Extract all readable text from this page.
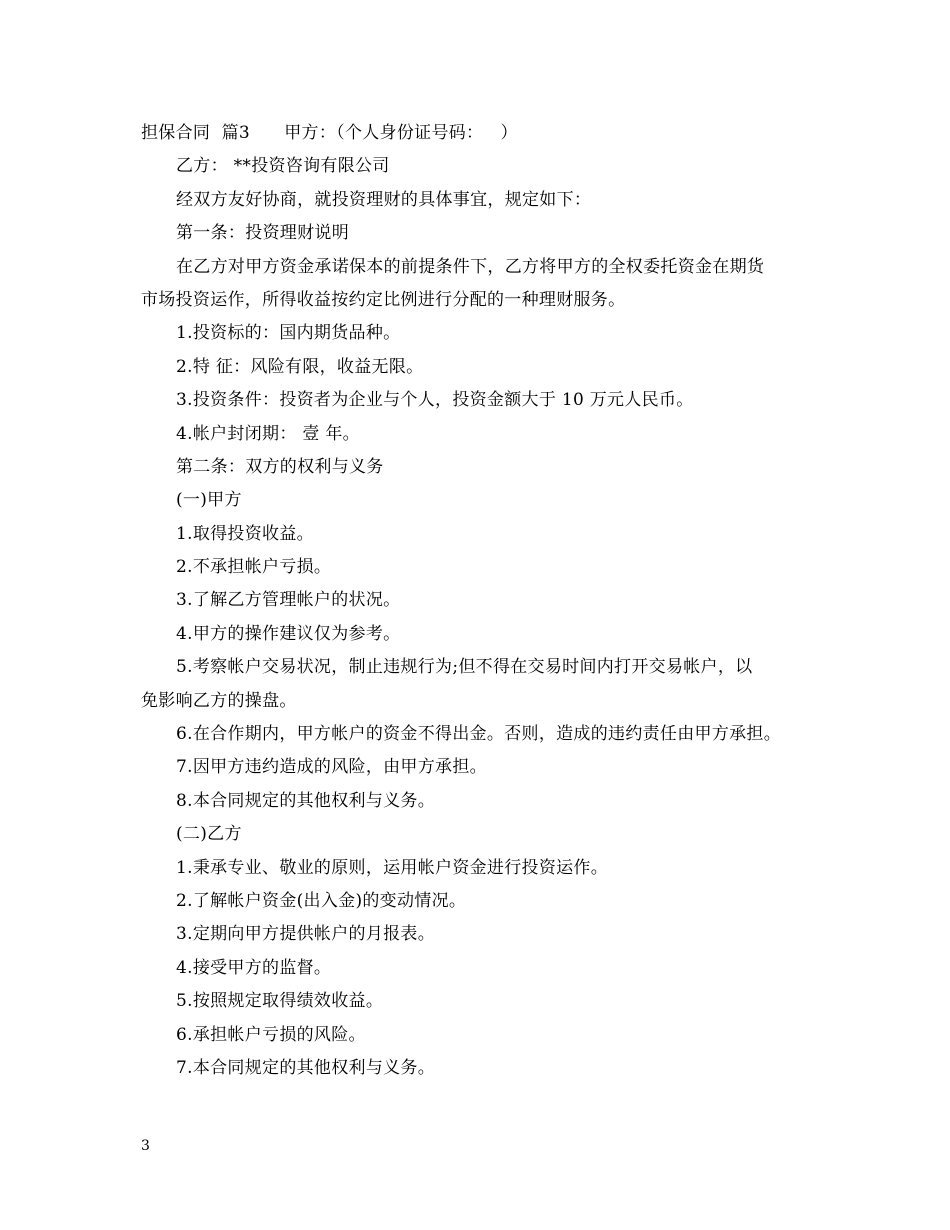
担保合同  篇3      甲方：（个人身份证号码：   ）
乙方： **投资咨询有限公司
经双方友好协商，就投资理财的具体事宜，规定如下：
第一条：投资理财说明
在乙方对甲方资金承诺保本的前提条件下，乙方将甲方的全权委托资金在期货
市场投资运作，所得收益按约定比例进行分配的一种理财服务。
1.投资标的：国内期货品种。
2.特 征：风险有限，收益无限。
3.投资条件：投资者为企业与个人，投资金额大于 10 万元人民币。
4.帐户封闭期： 壹 年。
第二条：双方的权利与义务
(一)甲方
1.取得投资收益。
2.不承担帐户亏损。
3.了解乙方管理帐户的状况。
4.甲方的操作建议仅为参考。
5.考察帐户交易状况，制止违规行为;但不得在交易时间内打开交易帐户，以
免影响乙方的操盘。
6.在合作期内，甲方帐户的资金不得出金。否则，造成的违约责任由甲方承担。
7.因甲方违约造成的风险，由甲方承担。
8.本合同规定的其他权利与义务。
(二)乙方
1.秉承专业、敬业的原则，运用帐户资金进行投资运作。
2.了解帐户资金(出入金)的变动情况。
3.定期向甲方提供帐户的月报表。
4.接受甲方的监督。
5.按照规定取得绩效收益。
6.承担帐户亏损的风险。
7.本合同规定的其他权利与义务。
3
